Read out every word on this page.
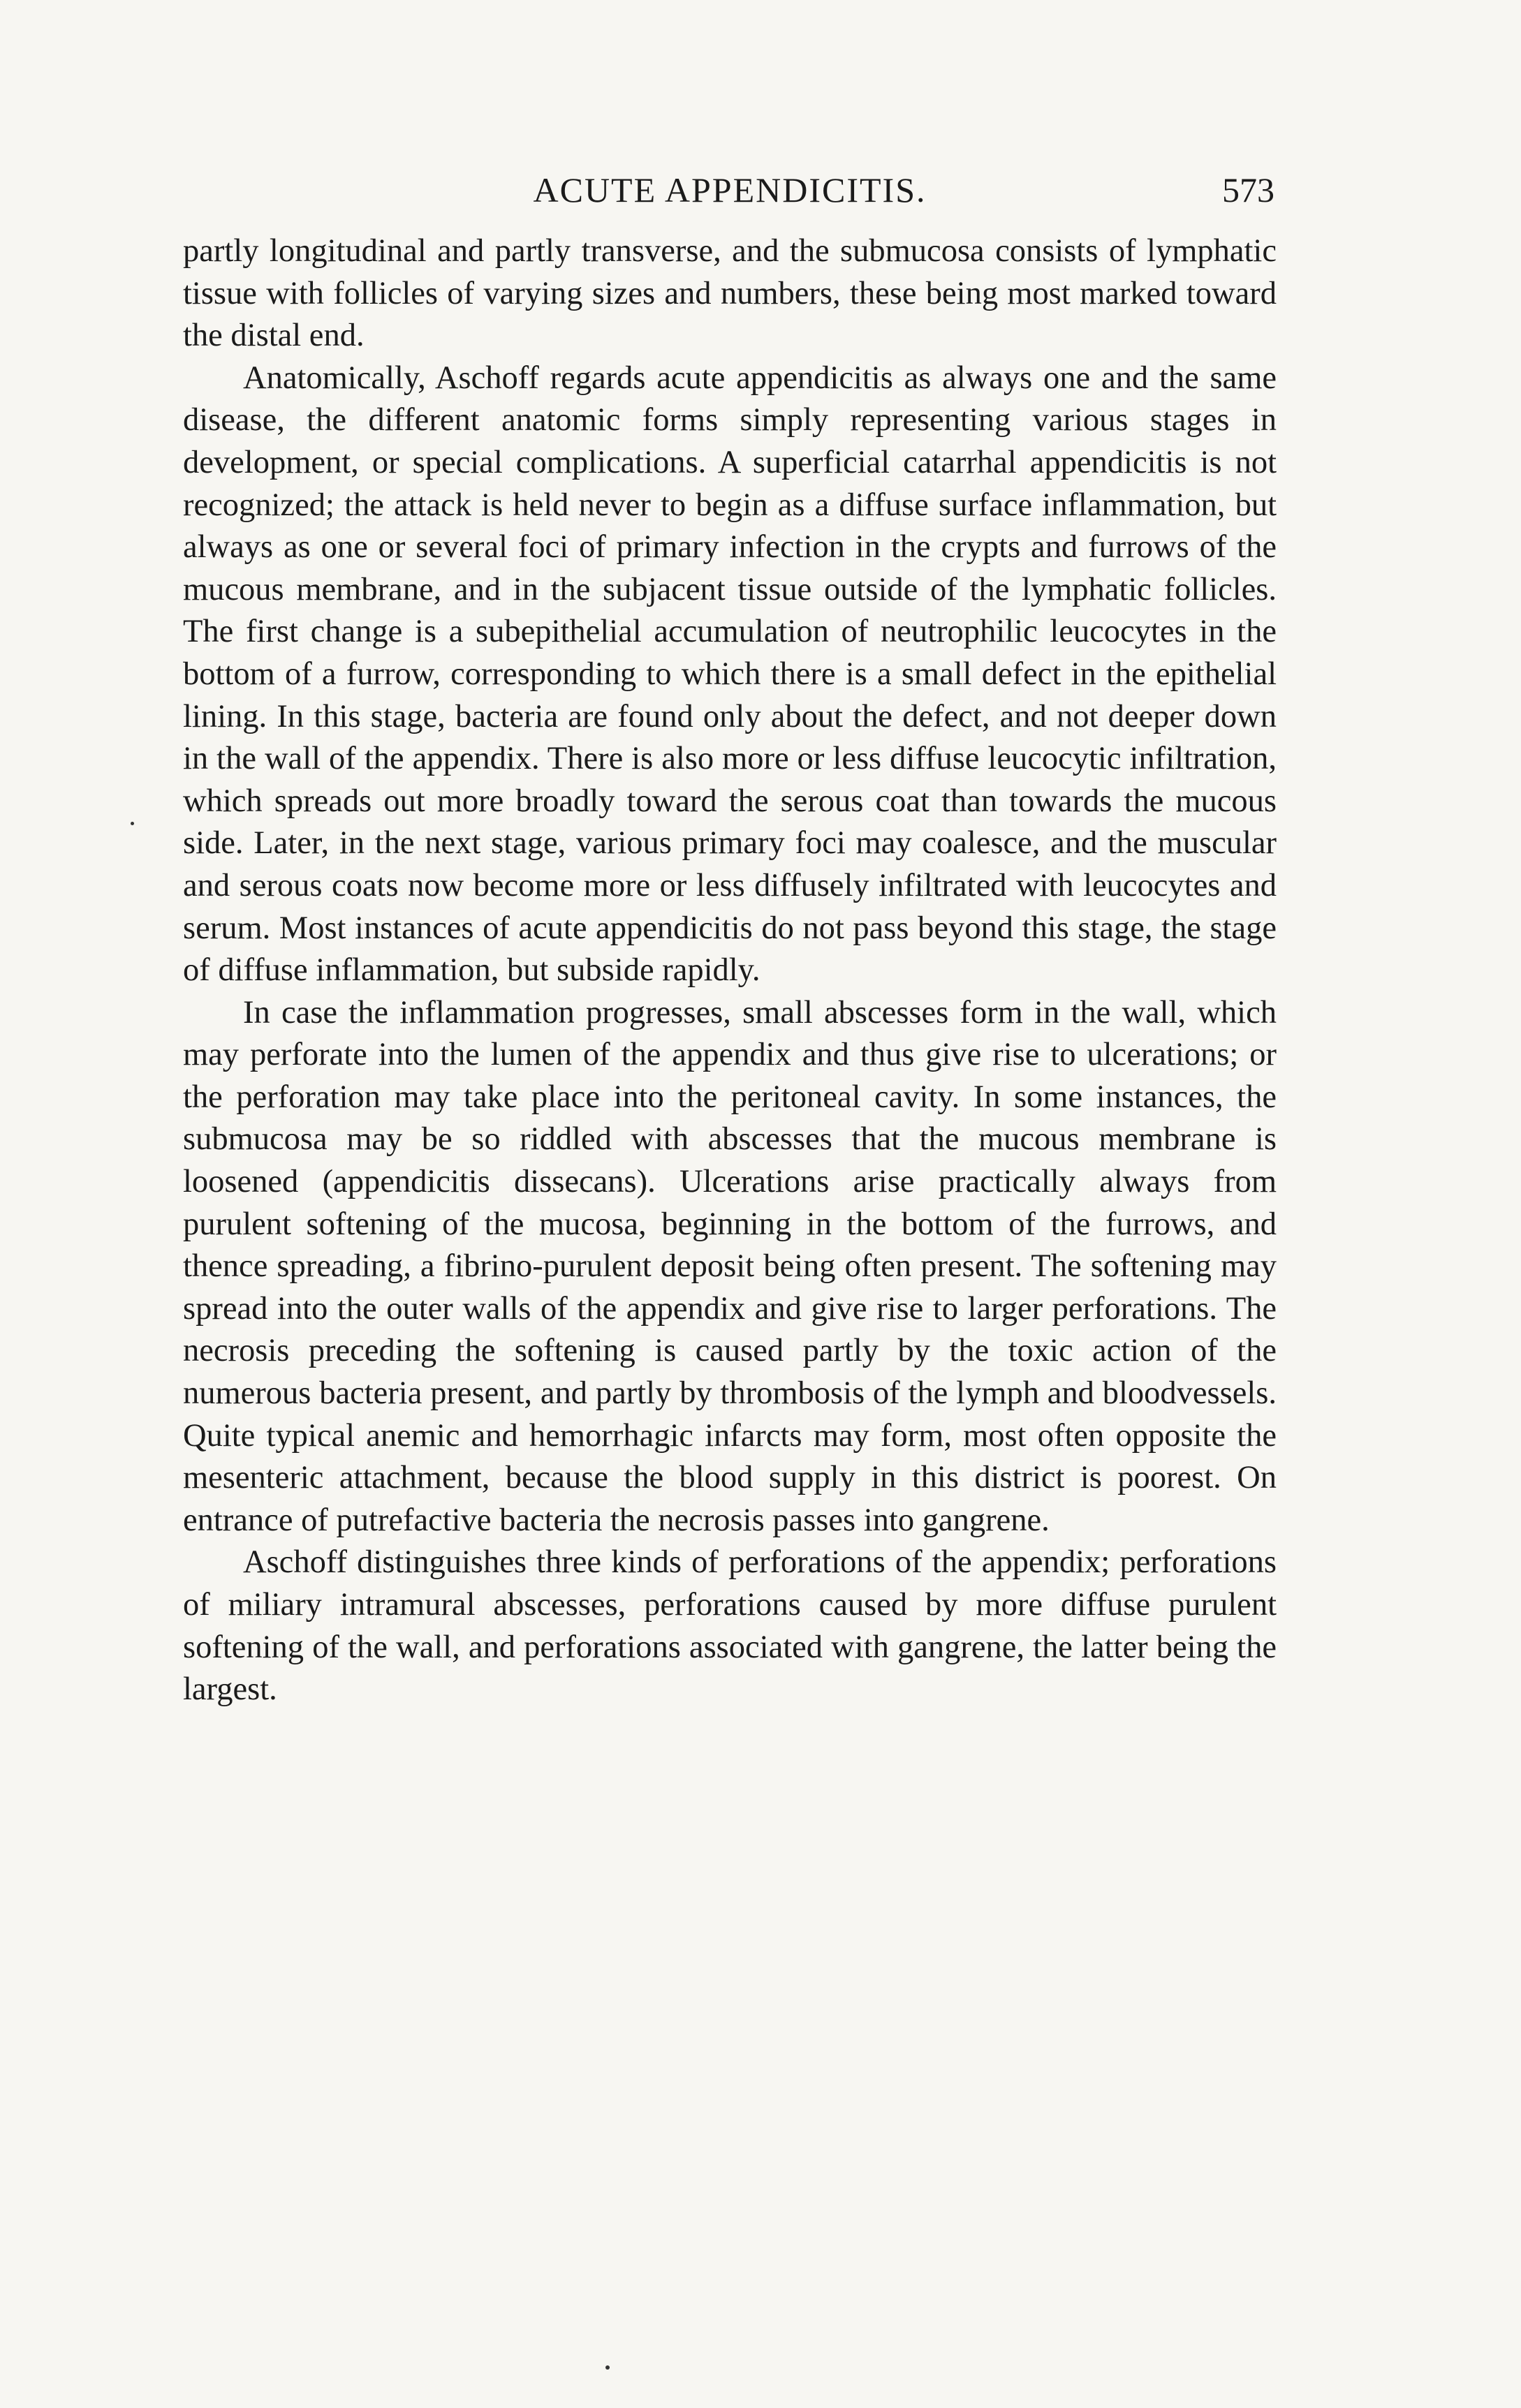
ACUTE APPENDICITIS.	573

partly longitudinal and partly transverse, and the submucosa consists of lymphatic tissue with follicles of varying sizes and numbers, these being most marked toward the distal end.

Anatomically, Aschoff regards acute appendicitis as always one and the same disease, the different anatomic forms simply representing various stages in development, or special complications. A superficial catarrhal appendicitis is not recognized; the attack is held never to begin as a diffuse surface inflammation, but always as one or several foci of primary infection in the crypts and furrows of the mucous membrane, and in the subjacent tissue outside of the lymphatic follicles. The first change is a subepithelial accumulation of neutrophilic leucocytes in the bottom of a furrow, corresponding to which there is a small defect in the epithelial lining. In this stage, bacteria are found only about the defect, and not deeper down in the wall of the appendix. There is also more or less diffuse leucocytic infiltration, which spreads out more broadly toward the serous coat than towards the mucous side. Later, in the next stage, various primary foci may coalesce, and the muscular and serous coats now become more or less diffusely infiltrated with leucocytes and serum. Most instances of acute appendicitis do not pass beyond this stage, the stage of diffuse inflammation, but subside rapidly.

In case the inflammation progresses, small abscesses form in the wall, which may perforate into the lumen of the appendix and thus give rise to ulcerations; or the perforation may take place into the peritoneal cavity. In some instances, the submucosa may be so riddled with abscesses that the mucous membrane is loosened (appendicitis dissecans). Ulcerations arise practically always from purulent softening of the mucosa, beginning in the bottom of the furrows, and thence spreading, a fibrino-purulent deposit being often present. The softening may spread into the outer walls of the appendix and give rise to larger perforations. The necrosis preceding the softening is caused partly by the toxic action of the numerous bacteria present, and partly by thrombosis of the lymph and bloodvessels. Quite typical anemic and hemorrhagic infarcts may form, most often opposite the mesenteric attachment, because the blood supply in this district is poorest. On entrance of putrefactive bacteria the necrosis passes into gangrene.

Aschoff distinguishes three kinds of perforations of the appendix; perforations of miliary intramural abscesses, perforations caused by more diffuse purulent softening of the wall, and perforations associated with gangrene, the latter being the largest.
